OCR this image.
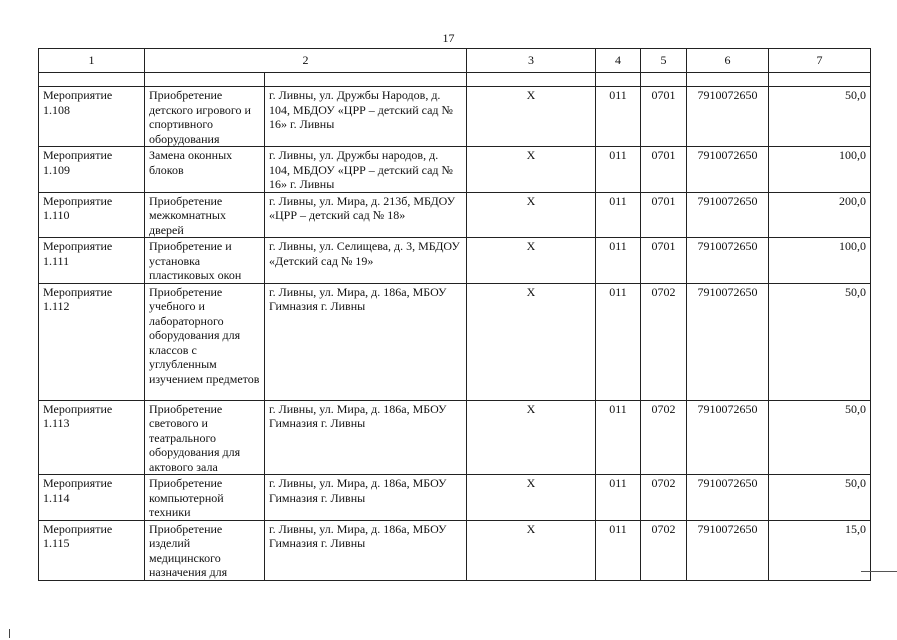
17
1	2		3	4	5	6	7

Мероприятие 1.108	Приобретение детского игрового и спортивного оборудования	г. Ливны, ул. Дружбы Народов, д. 104, МБДОУ «ЦРР – детский сад № 16» г. Ливны	Х	011	0701	7910072650	50,0
Мероприятие 1.109	Замена оконных блоков	г. Ливны, ул. Дружбы народов, д. 104, МБДОУ «ЦРР – детский сад № 16» г. Ливны	Х	011	0701	7910072650	100,0
Мероприятие 1.110	Приобретение межкомнатных дверей	г. Ливны, ул. Мира, д. 213б, МБДОУ «ЦРР – детский сад № 18»	Х	011	0701	7910072650	200,0
Мероприятие 1.111	Приобретение и установка пластиковых окон	г. Ливны, ул. Селищева, д. 3, МБДОУ «Детский сад № 19»	Х	011	0701	7910072650	100,0
Мероприятие 1.112	Приобретение учебного и лабораторного оборудования для классов с углубленным изучением предметов	г. Ливны, ул. Мира, д. 186а, МБОУ Гимназия г. Ливны	Х	011	0702	7910072650	50,0
Мероприятие 1.113	Приобретение светового и театрального оборудования для актового зала	г. Ливны, ул. Мира, д. 186а, МБОУ Гимназия г. Ливны	Х	011	0702	7910072650	50,0
Мероприятие 1.114	Приобретение компьютерной техники	г. Ливны, ул. Мира, д. 186а, МБОУ Гимназия г. Ливны	Х	011	0702	7910072650	50,0
Мероприятие 1.115	Приобретение изделий медицинского назначения для	г. Ливны, ул. Мира, д. 186а, МБОУ Гимназия г. Ливны	Х	011	0702	7910072650	15,0
